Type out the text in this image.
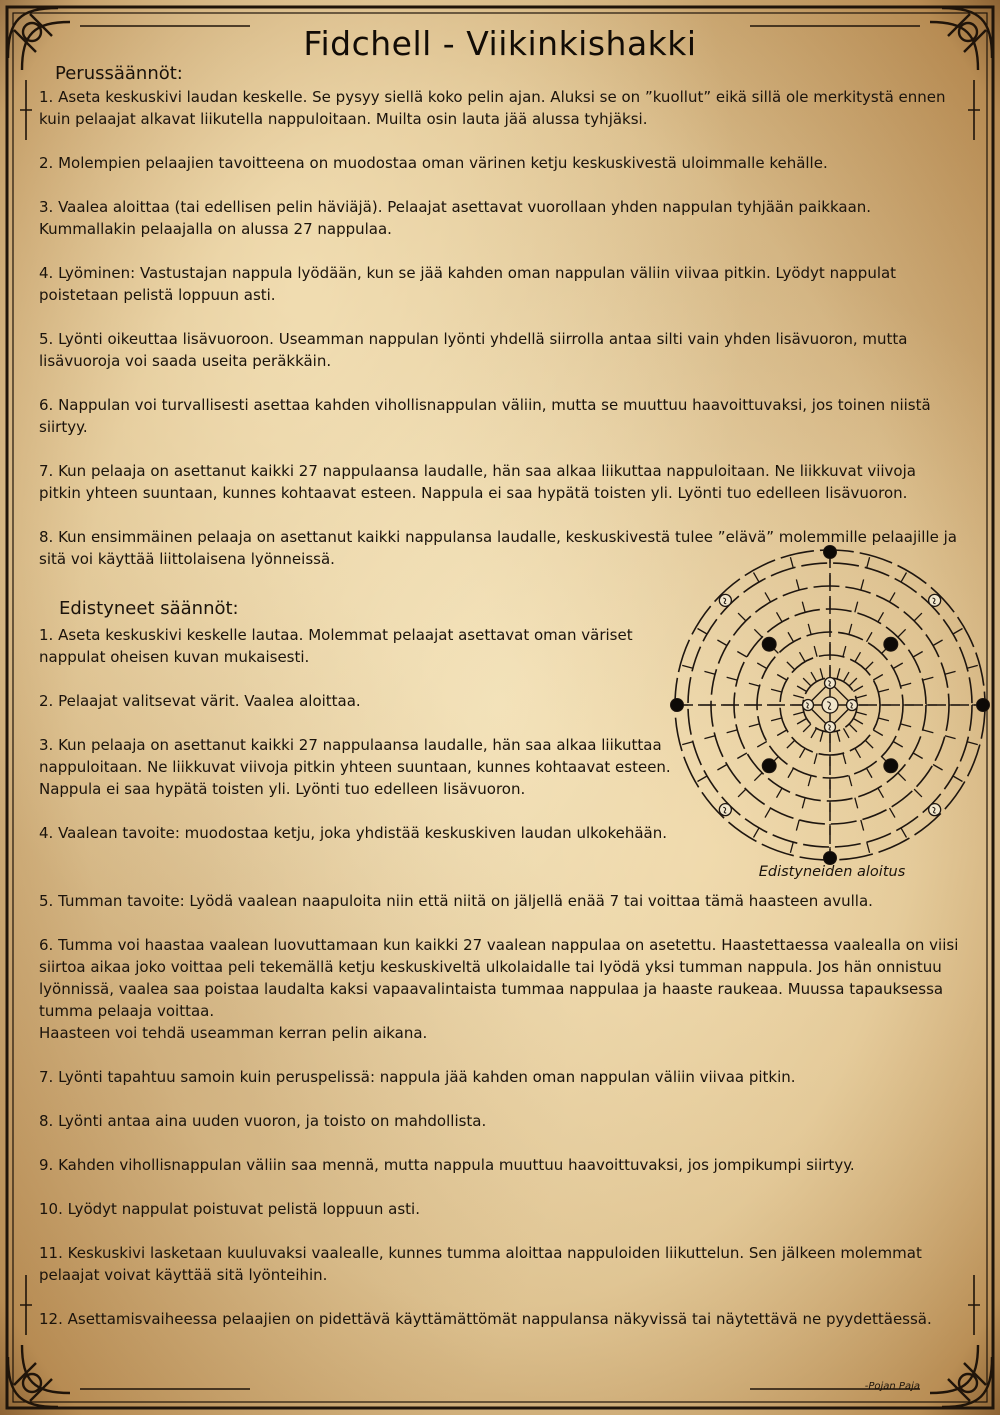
Fidchell - Viikinkishakki
Perussäännöt:
1. Aseta keskuskivi laudan keskelle. Se pysyy siellä koko pelin ajan. Aluksi se on ”kuollut” eikä sillä ole merkitystä ennen kuin pelaajat alkavat liikutella nappuloitaan. Muilta osin lauta jää alussa tyhjäksi.
2. Molempien pelaajien tavoitteena on muodostaa oman värinen ketju keskuskivestä uloimmalle kehälle.
3. Vaalea aloittaa (tai edellisen pelin häviäjä). Pelaajat asettavat vuorollaan yhden nappulan tyhjään paikkaan. Kummallakin pelaajalla on alussa 27 nappulaa.
4. Lyöminen: Vastustajan nappula lyödään, kun se jää kahden oman nappulan väliin viivaa pitkin. Lyödyt nappulat poistetaan pelistä loppuun asti.
5. Lyönti oikeuttaa lisävuoroon. Useamman nappulan lyönti yhdellä siirrolla antaa silti vain yhden lisävuoron, mutta lisävuoroja voi saada useita peräkkäin.
6. Nappulan voi turvallisesti asettaa kahden vihollisnappulan väliin, mutta se muuttuu haavoittuvaksi, jos toinen niistä siirtyy.
7. Kun pelaaja on asettanut kaikki 27 nappulaansa laudalle, hän saa alkaa liikuttaa nappuloitaan. Ne liikkuvat viivoja pitkin yhteen suuntaan, kunnes kohtaavat esteen. Nappula ei saa hypätä toisten yli. Lyönti tuo edelleen lisävuoron.
8. Kun ensimmäinen pelaaja on asettanut kaikki nappulansa laudalle, keskuskivestä tulee ”elävä” molemmille pelaajille ja sitä voi käyttää liittolaisena lyönneissä.
Edistyneet säännöt:
1. Aseta keskuskivi keskelle lautaa. Molemmat pelaajat asettavat oman väriset nappulat oheisen kuvan mukaisesti.
2. Pelaajat valitsevat värit. Vaalea aloittaa.
3. Kun pelaaja on asettanut kaikki 27 nappulaansa laudalle, hän saa alkaa liikuttaa nappuloitaan. Ne liikkuvat viivoja pitkin yhteen suuntaan, kunnes kohtaavat esteen. Nappula ei saa hypätä toisten yli. Lyönti tuo edelleen lisävuoron.
4. Vaalean tavoite: muodostaa ketju, joka yhdistää keskuskiven laudan ulkokehään.
Edistyneiden aloitus
5. Tumman tavoite: Lyödä vaalean naapuloita niin että niitä on jäljellä enää 7 tai voittaa tämä haasteen avulla.
6. Tumma voi haastaa vaalean luovuttamaan kun kaikki 27 vaalean nappulaa on asetettu. Haastettaessa vaalealla on viisi siirtoa aikaa joko voittaa peli tekemällä ketju keskuskiveltä ulkolaidalle tai lyödä yksi tumman nappula. Jos hän onnistuu lyönnissä, vaalea saa poistaa laudalta kaksi vapaavalintaista tummaa nappulaa ja haaste raukeaa. Muussa tapauksessa tumma pelaaja voittaa.
Haasteen voi tehdä useamman kerran pelin aikana.
7. Lyönti tapahtuu samoin kuin peruspelissä: nappula jää kahden oman nappulan väliin viivaa pitkin.
8. Lyönti antaa aina uuden vuoron, ja toisto on mahdollista.
9. Kahden vihollisnappulan väliin saa mennä, mutta nappula muuttuu haavoittuvaksi, jos jompikumpi siirtyy.
10. Lyödyt nappulat poistuvat pelistä loppuun asti.
11. Keskuskivi lasketaan kuuluvaksi vaalealle, kunnes tumma aloittaa nappuloiden liikuttelun. Sen jälkeen molemmat pelaajat voivat käyttää sitä lyönteihin.
12. Asettamisvaiheessa pelaajien on pidettävä käyttämättömät nappulansa näkyvissä tai näytettävä ne pyydettäessä.
-Pojan Paja
